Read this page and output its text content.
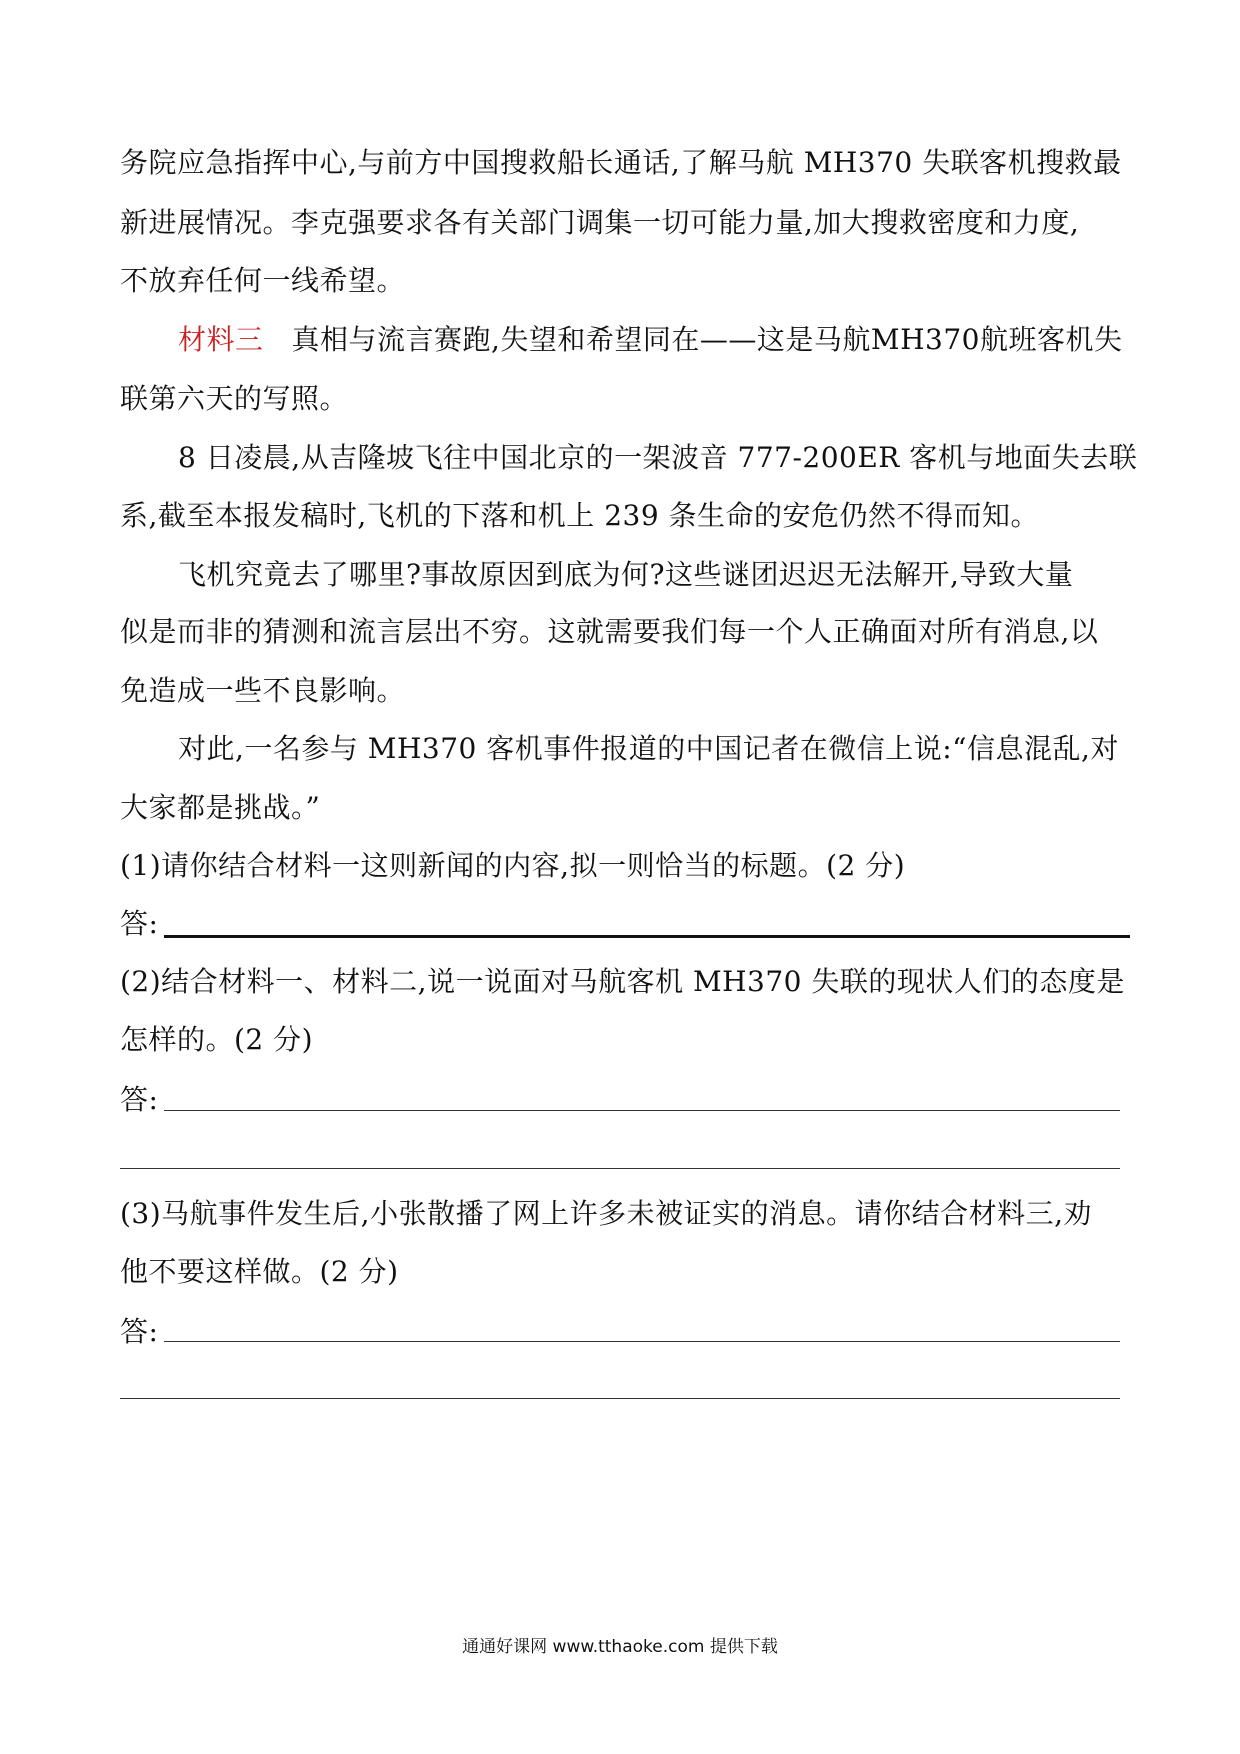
务院应急指挥中心,与前方中国搜救船长通话,了解马航 MH370 失联客机搜救最
新进展情况。李克强要求各有关部门调集一切可能力量,加大搜救密度和力度,
不放弃任何一线希望。
材料三 真相与流言赛跑,失望和希望同在——这是马航MH370航班客机失
联第六天的写照。
8 日凌晨,从吉隆坡飞往中国北京的一架波音 777-200ER 客机与地面失去联
系,截至本报发稿时,飞机的下落和机上 239 条生命的安危仍然不得而知。
飞机究竟去了哪里?事故原因到底为何?这些谜团迟迟无法解开,导致大量
似是而非的猜测和流言层出不穷。这就需要我们每一个人正确面对所有消息,以
免造成一些不良影响。
对此,一名参与 MH370 客机事件报道的中国记者在微信上说:“信息混乱,对
大家都是挑战。”
(1)请你结合材料一这则新闻的内容,拟一则恰当的标题。(2 分)
答:
(2)结合材料一、材料二,说一说面对马航客机 MH370 失联的现状人们的态度是
怎样的。(2 分)
答:
(3)马航事件发生后,小张散播了网上许多未被证实的消息。请你结合材料三,劝
他不要这样做。(2 分)
答:
通通好课网 www.tthaoke.com 提供下载
